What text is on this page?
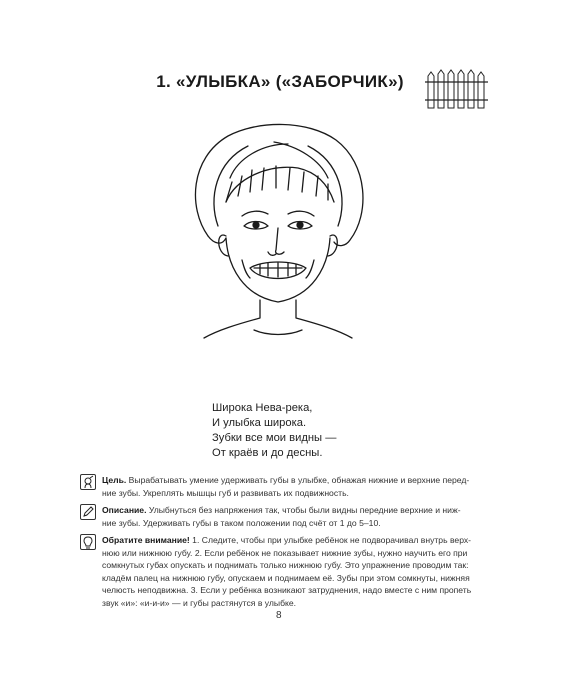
1. «УЛЫБКА» («ЗАБОРЧИК»)
Широка Нева-река,
И улыбка широка.
Зубки все мои видны —
От краёв и до десны.
Цель. Вырабатывать умение удерживать губы в улыбке, обнажая нижние и верхние перед-
ние зубы. Укреплять мышцы губ и развивать их подвижность.
Описание. Улыбнуться без напряжения так, чтобы были видны передние верхние и ниж-
ние зубы. Удерживать губы в таком положении под счёт от 1 до 5–10.
Обратите внимание! 1. Следите, чтобы при улыбке ребёнок не подворачивал внутрь верх-
нюю или нижнюю губу. 2. Если ребёнок не показывает нижние зубы, нужно научить его при
сомкнутых губах опускать и поднимать только нижнюю губу. Это упражнение проводим так:
кладём палец на нижнюю губу, опускаем и поднимаем её. Зубы при этом сомкнуты, нижняя
челюсть неподвижна. 3. Если у ребёнка возникают затруднения, надо вместе с ним пропеть
звук «и»: «и-и-и» — и губы растянутся в улыбке.
8
